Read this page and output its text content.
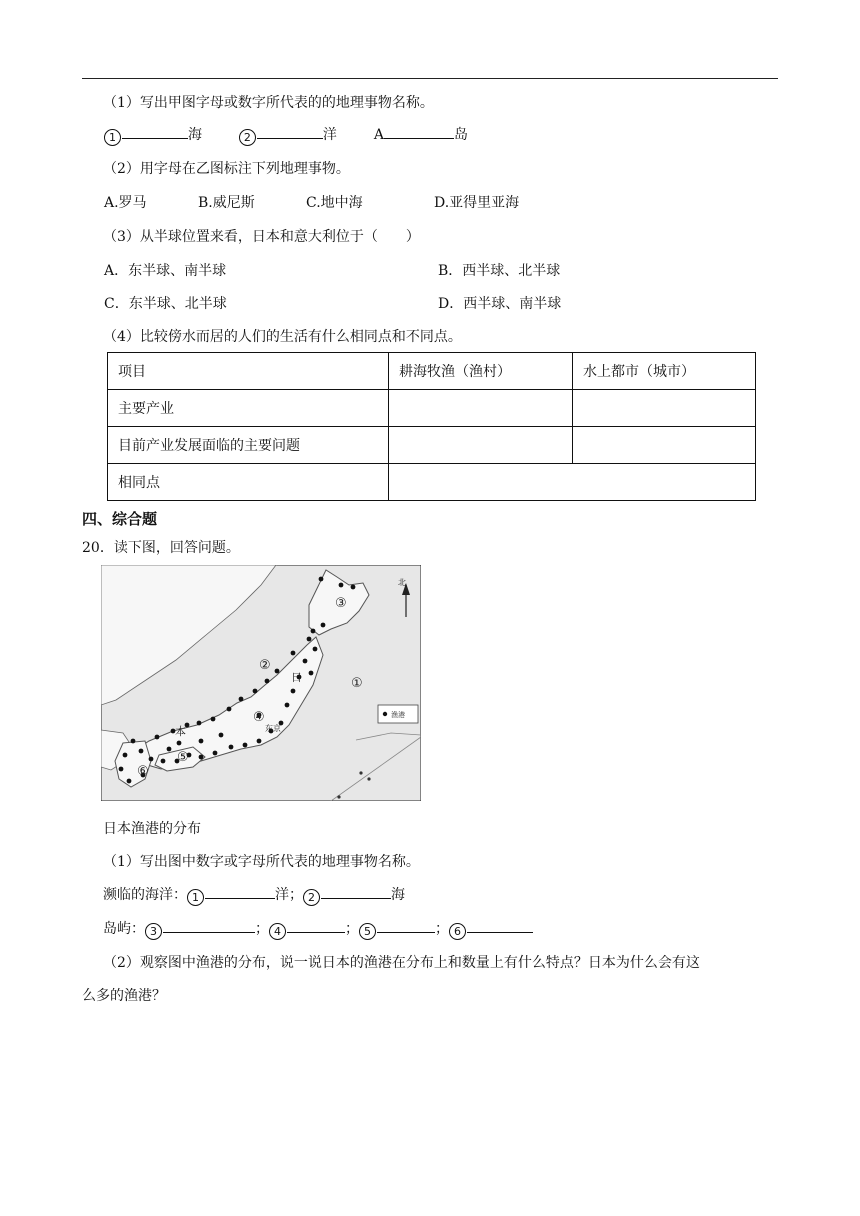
（1）写出甲图字母或数字所代表的的地理事物名称。
1	海	2	洋	A	岛
（2）用字母在乙图标注下列地理事物。
A.罗马	B.威尼斯	C.地中海	D.亚得里亚海
（3）从半球位置来看，日本和意大利位于（　　）
A．东半球、南半球	B．西半球、北半球
C．东半球、北半球	D．西半球、南半球
（4）比较傍水而居的人们的生活有什么相同点和不同点。
项目	耕海牧渔（渔村）	水上都市（城市）
主要产业		
目前产业发展面临的主要问题		
相同点		
四、综合题
20．读下图，回答问题。
③
②
①
④
⑤
⑥
日
本	东京
北
渔港
日本渔港的分布
（1）写出图中数字或字母所代表的地理事物名称。
濒临的海洋： 1	洋； 2	海
岛屿： 3	； 4	； 5	； 6
（2）观察图中渔港的分布，说一说日本的渔港在分布上和数量上有什么特点？日本为什么会有这
么多的渔港？
